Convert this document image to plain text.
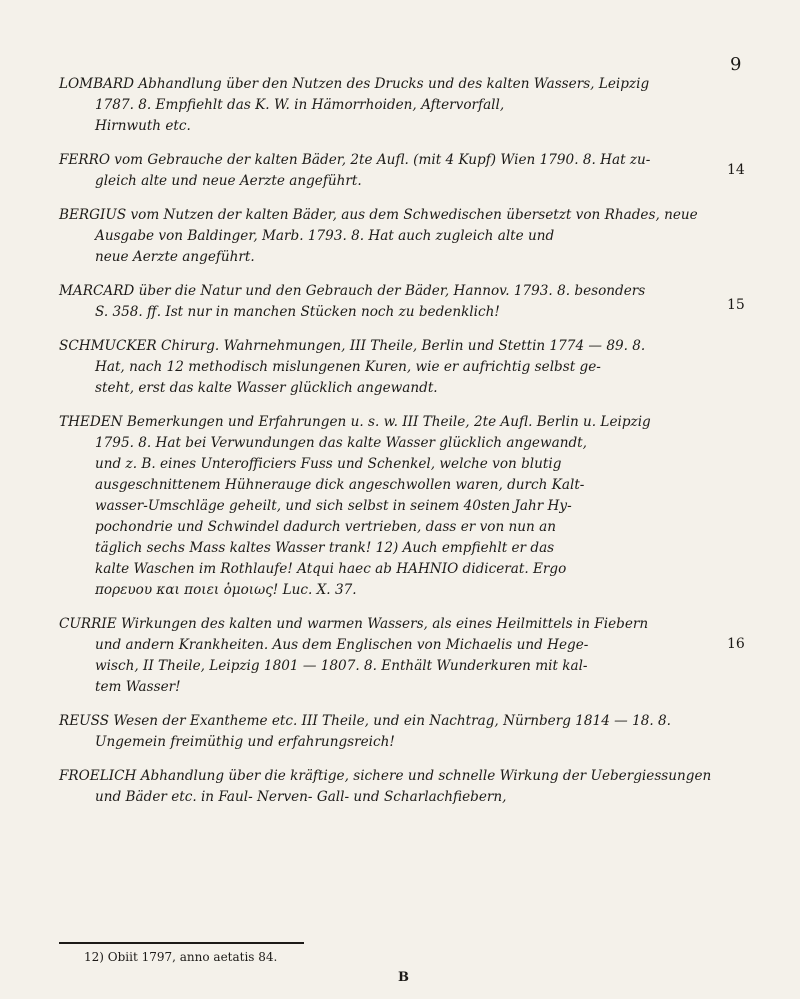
9
LOMBARD Abhandlung über den Nutzen des Drucks und des kalten Wassers, Leipzig
1787. 8. Empfiehlt das K. W. in Hämorrhoiden, Aftervorfall,
Hirnwuth etc.
FERRO vom Gebrauche der kalten Bäder, 2te Aufl. (mit 4 Kupf) Wien 1790. 8. Hat zu-
gleich alte und neue Aerzte angeführt.
BERGIUS vom Nutzen der kalten Bäder, aus dem Schwedischen übersetzt von Rhades, neue
Ausgabe von Baldinger, Marb. 1793. 8. Hat auch zugleich alte und
neue Aerzte angeführt.
MARCARD über die Natur und den Gebrauch der Bäder, Hannov. 1793. 8. besonders
S. 358. ff. Ist nur in manchen Stücken noch zu bedenklich!
SCHMUCKER Chirurg. Wahrnehmungen, III Theile, Berlin und Stettin 1774 — 89. 8.
Hat, nach 12 methodisch mislungenen Kuren, wie er aufrichtig selbst ge-
steht, erst das kalte Wasser glücklich angewandt.
THEDEN Bemerkungen und Erfahrungen u. s. w. III Theile, 2te Aufl. Berlin u. Leipzig
1795. 8. Hat bei Verwundungen das kalte Wasser glücklich angewandt,
und z. B. eines Unterofficiers Fuss und Schenkel, welche von blutig
ausgeschnittenem Hühnerauge dick angeschwollen waren, durch Kalt-
wasser-Umschläge geheilt, und sich selbst in seinem 40sten Jahr Hy-
pochondrie und Schwindel dadurch vertrieben, dass er von nun an
täglich sechs Mass kaltes Wasser trank! 12) Auch empfiehlt er das
kalte Waschen im Rothlaufe! Atqui haec ab HAHNIO didicerat. Ergo
πορευου και ποιει ὁμοιως! Luc. X. 37.
CURRIE Wirkungen des kalten und warmen Wassers, als eines Heilmittels in Fiebern
und andern Krankheiten. Aus dem Englischen von Michaelis und Hege-
wisch, II Theile, Leipzig 1801 — 1807. 8. Enthält Wunderkuren mit kal-
tem Wasser!
REUSS Wesen der Exantheme etc. III Theile, und ein Nachtrag, Nürnberg 1814 — 18. 8.
Ungemein freimüthig und erfahrungsreich!
FROELICH Abhandlung über die kräftige, sichere und schnelle Wirkung der Uebergiessungen
und Bäder etc. in Faul- Nerven- Gall- und Scharlachfiebern,
14
15
16
12) Obiit 1797, anno aetatis 84.
B
